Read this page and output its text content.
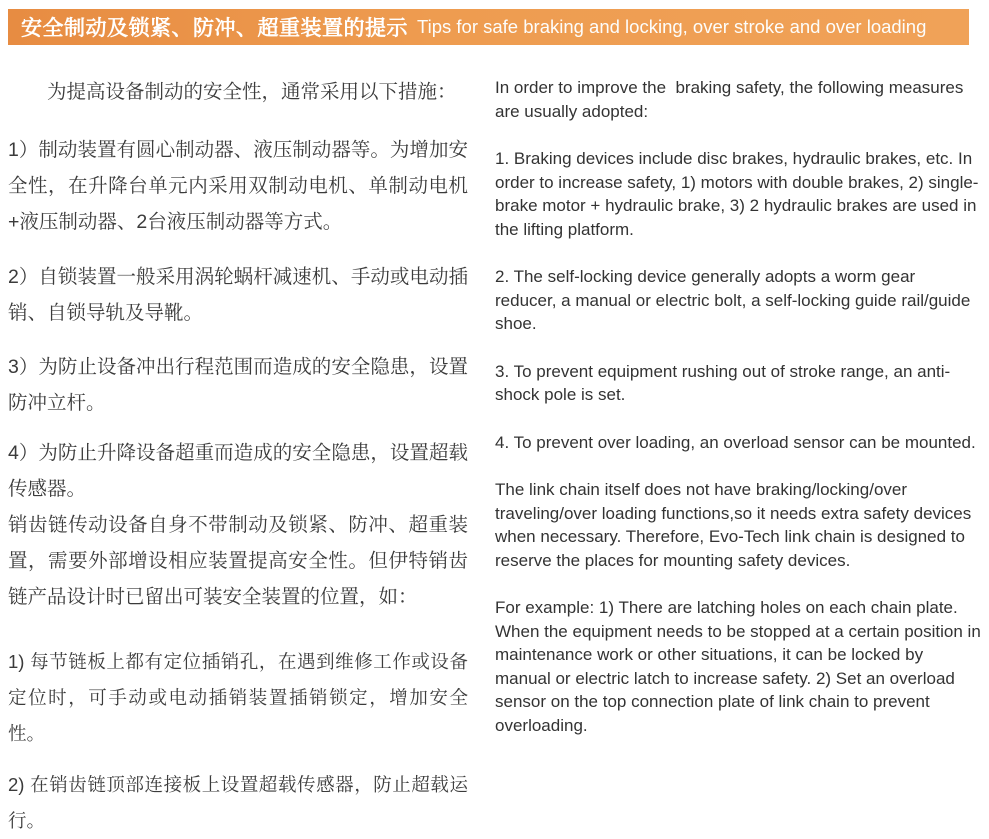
安全制动及锁紧、防冲、超重装置的提示 Tips for safe braking and locking, over stroke and over loading

为提高设备制动的安全性，通常采用以下措施：

1）制动装置有圆心制动器、液压制动器等。为增加安全性，在升降台单元内采用双制动电机、单制动电机+液压制动器、2台液压制动器等方式。

2）自锁装置一般采用涡轮蜗杆减速机、手动或电动插销、自锁导轨及导靴。

3）为防止设备冲出行程范围而造成的安全隐患，设置防冲立杆。

4）为防止升降设备超重而造成的安全隐患，设置超载传感器。

销齿链传动设备自身不带制动及锁紧、防冲、超重装置，需要外部增设相应装置提高安全性。但伊特销齿链产品设计时已留出可装安全装置的位置，如：

1) 每节链板上都有定位插销孔，在遇到维修工作或设备定位时，可手动或电动插销装置插销锁定，增加安全性。

2) 在销齿链顶部连接板上设置超载传感器，防止超载运行。

In order to improve the  braking safety, the following measures are usually adopted:

1. Braking devices include disc brakes, hydraulic brakes, etc. In order to increase safety, 1) motors with double brakes, 2) single-brake motor + hydraulic brake, 3) 2 hydraulic brakes are used in the lifting platform.

2. The self-locking device generally adopts a worm gear reducer, a manual or electric bolt, a self-locking guide rail/guide shoe.

3. To prevent equipment rushing out of stroke range, an anti-shock pole is set.

4. To prevent over loading, an overload sensor can be mounted.

The link chain itself does not have braking/locking/over traveling/over loading functions,so it needs extra safety devices when necessary. Therefore, Evo-Tech link chain is designed to reserve the places for mounting safety devices.

For example: 1) There are latching holes on each chain plate. When the equipment needs to be stopped at a certain position in maintenance work or other situations, it can be locked by manual or electric latch to increase safety. 2) Set an overload sensor on the top connection plate of link chain to prevent overloading.
